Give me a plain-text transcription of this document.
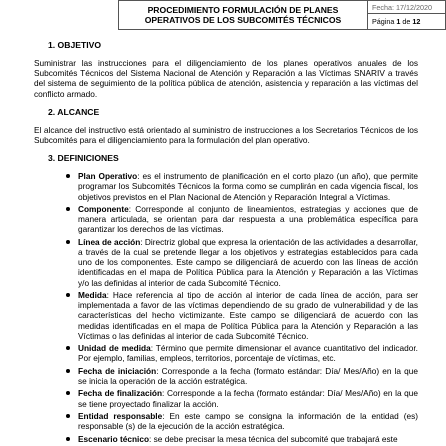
PROCEDIMIENTO FORMULACIÓN DE PLANES
OPERATIVOS DE LOS SUBCOMITÉS TÉCNICOS	Fecha: 17/12/2020
Página 1 de 12
1. OBJETIVO

Suministrar las instrucciones para el diligenciamiento de los planes operativos anuales de los Subcomités Técnicos del Sistema Nacional de Atención y Reparación a las Víctimas SNARIV a través del sistema de seguimiento de la política pública de atención, asistencia y reparación a las víctimas del conflicto armado.

2. ALCANCE

El alcance del instructivo está orientado al suministro de instrucciones a los Secretarios Técnicos de los Subcomités para el diligenciamiento para la formulación del plan operativo.

3. DEFINICIONES
Plan Operativo: es el instrumento de planificación en el corto plazo (un año), que permite programar los Subcomités Técnicos la forma como se cumplirán en cada vigencia fiscal, los objetivos previstos en el Plan Nacional de Atención y Reparación Integral a Víctimas.
Componente: Corresponde al conjunto de lineamientos, estrategias y acciones que de manera articulada, se orientan para dar respuesta a una problemática específica para garantizar los derechos de las víctimas.
Línea de acción: Directriz global que expresa la orientación de las actividades a desarrollar, a través de la cual se pretende llegar a los objetivos y estrategias establecidos para cada uno de los componentes. Este campo se diligenciará de acuerdo con las líneas de acción identificadas en el mapa de Política Pública para la Atención y Reparación a las Víctimas y/o las definidas al interior de cada Subcomité Técnico.
Medida: Hace referencia al tipo de acción al interior de cada línea de acción, para ser implementada a favor de las víctimas dependiendo de su grado de vulnerabilidad y de las características del hecho victimizante. Este campo se diligenciará de acuerdo con las medidas identificadas en el mapa de Política Pública para la Atención y Reparación a las Víctimas o las definidas al interior de cada Subcomité Técnico.
Unidad de medida: Término que permite dimensionar el avance cuantitativo del indicador. Por ejemplo, familias, empleos, territorios, porcentaje de víctimas, etc.
Fecha de iniciación: Corresponde a la fecha (formato estándar: Día/ Mes/Año) en la que se inicia la operación de la acción estratégica.
Fecha de finalización: Corresponde a la fecha (formato estándar: Día/ Mes/Año) en la que se tiene proyectado finalizar la acción.
Entidad responsable: En este campo se consigna la información de la entidad (es) responsable (s) de la ejecución de la acción estratégica.
Escenario técnico: se debe precisar la mesa técnica del subcomité que trabajará este
